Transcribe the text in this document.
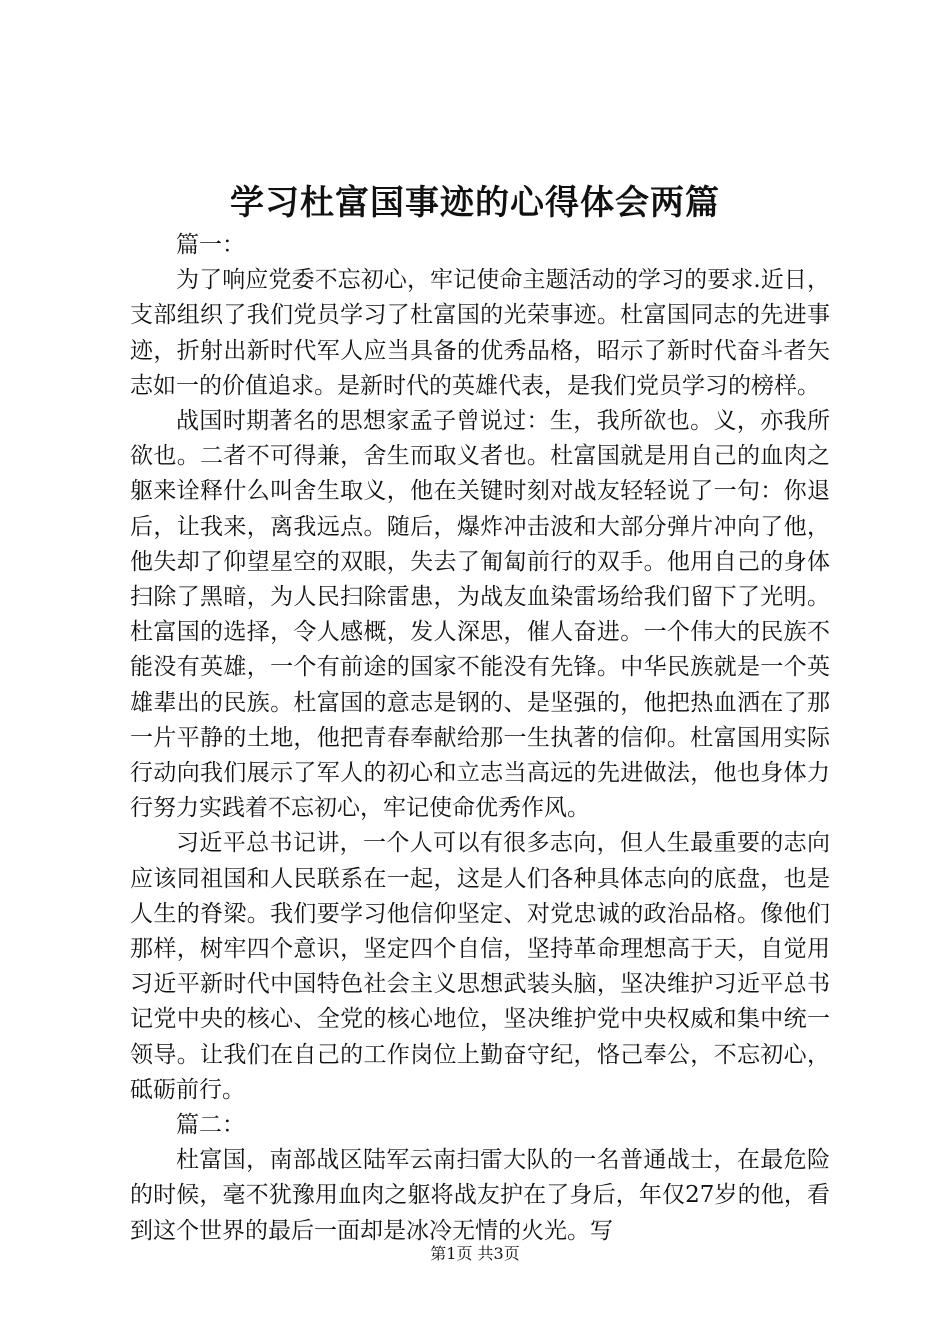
学习杜富国事迹的心得体会两篇

篇一：

为了响应党委不忘初心，牢记使命主题活动的学习的要求.近日，支部组织了我们党员学习了杜富国的光荣事迹。杜富国同志的先进事迹，折射出新时代军人应当具备的优秀品格，昭示了新时代奋斗者矢志如一的价值追求。是新时代的英雄代表，是我们党员学习的榜样。

战国时期著名的思想家孟子曾说过：生，我所欲也。义，亦我所欲也。二者不可得兼，舍生而取义者也。杜富国就是用自己的血肉之躯来诠释什么叫舍生取义，他在关键时刻对战友轻轻说了一句：你退后，让我来，离我远点。随后，爆炸冲击波和大部分弹片冲向了他，他失却了仰望星空的双眼，失去了匍匐前行的双手。他用自己的身体扫除了黑暗，为人民扫除雷患，为战友血染雷场给我们留下了光明。杜富国的选择，令人感概，发人深思，催人奋进。一个伟大的民族不能没有英雄，一个有前途的国家不能没有先锋。中华民族就是一个英雄辈出的民族。杜富国的意志是钢的、是坚强的，他把热血洒在了那一片平静的土地，他把青春奉献给那一生执著的信仰。杜富国用实际行动向我们展示了军人的初心和立志当高远的先进做法，他也身体力行努力实践着不忘初心，牢记使命优秀作风。

习近平总书记讲，一个人可以有很多志向，但人生最重要的志向应该同祖国和人民联系在一起，这是人们各种具体志向的底盘，也是人生的脊梁。我们要学习他信仰坚定、对党忠诚的政治品格。像他们那样，树牢四个意识，坚定四个自信，坚持革命理想高于天，自觉用习近平新时代中国特色社会主义思想武装头脑，坚决维护习近平总书记党中央的核心、全党的核心地位，坚决维护党中央权威和集中统一领导。让我们在自己的工作岗位上勤奋守纪，恪己奉公，不忘初心，砥砺前行。

篇二：

杜富国，南部战区陆军云南扫雷大队的一名普通战士，在最危险的时候，毫不犹豫用血肉之躯将战友护在了身后，年仅27岁的他，看到这个世界的最后一面却是冰冷无情的火光。写

第1页 共3页
